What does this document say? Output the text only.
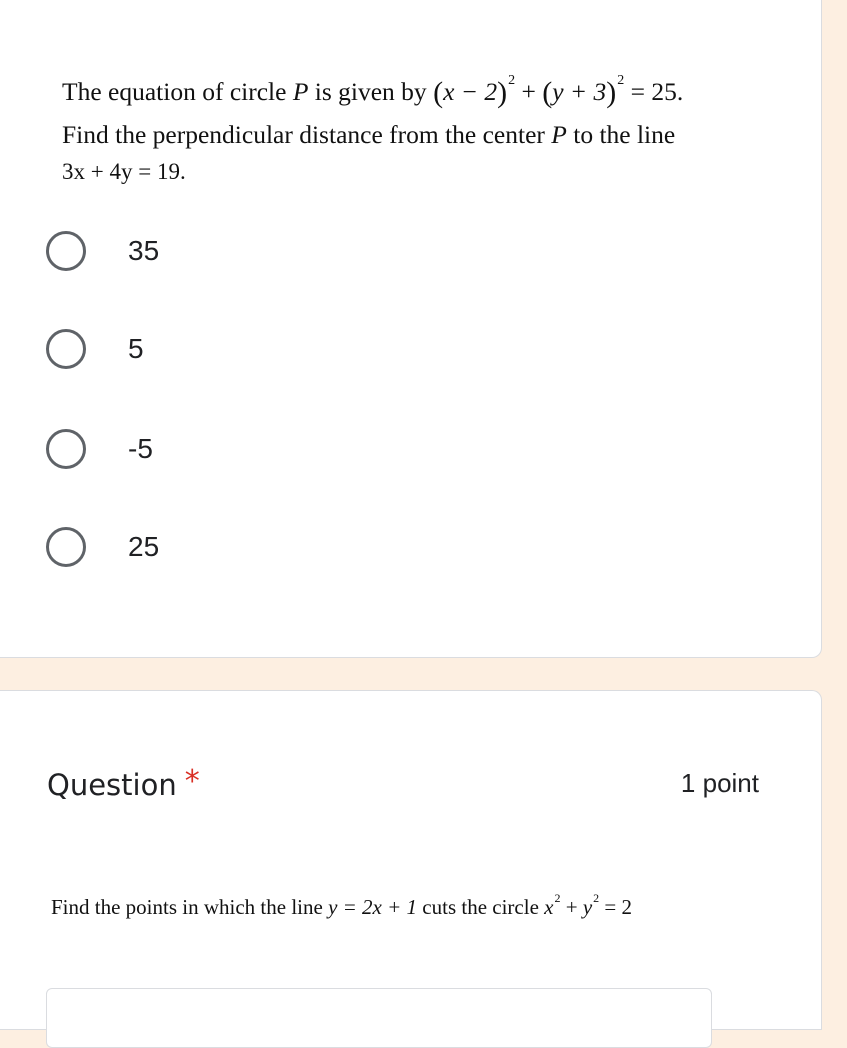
The equation of circle P is given by $(x - 2)^2 + (y + 3)^2 = 25$.
Find the perpendicular distance from the center P to the line
3x + 4y = 19.
35
5
-5
25
Question *	1 point
Find the points in which the line y = 2x + 1 cuts the circle $x^2 + y^2 = 2$
